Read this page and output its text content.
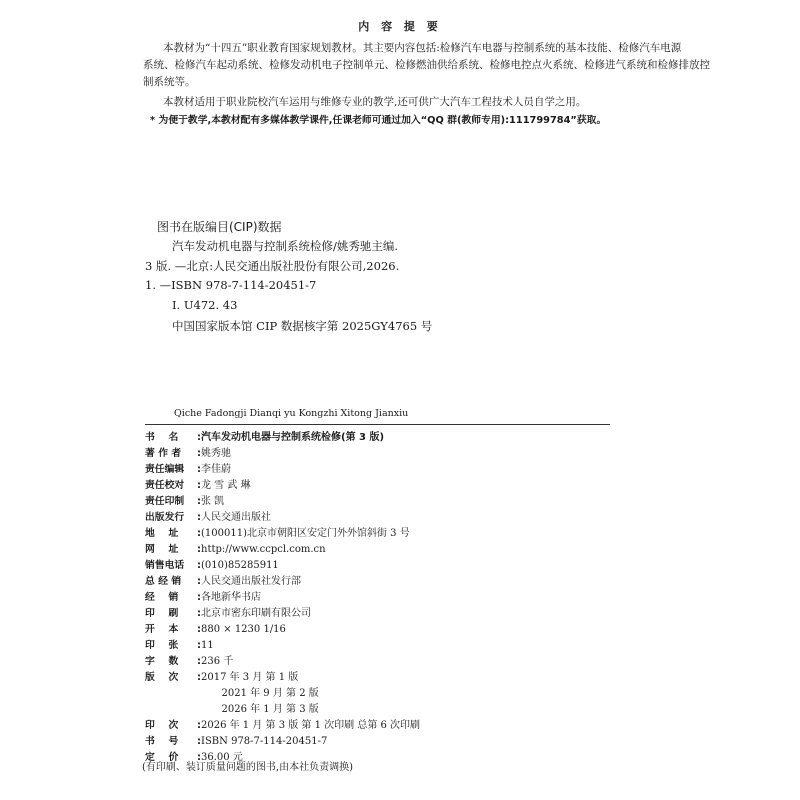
内 容 提 要
本教材为“十四五”职业教育国家规划教材。其主要内容包括:检修汽车电器与控制系统的基本技能、检修汽车电源
系统、检修汽车起动系统、检修发动机电子控制单元、检修燃油供给系统、检修电控点火系统、检修进气系统和检修排放控
制系统等。
本教材适用于职业院校汽车运用与维修专业的教学,还可供广大汽车工程技术人员自学之用。
* 为便于教学,本教材配有多媒体教学课件,任课老师可通过加入“QQ 群(教师专用):111799784”获取。
图书在版编目(CIP)数据
汽车发动机电器与控制系统检修/姚秀驰主编.
3 版. —北京:人民交通出版社股份有限公司,2026.
1. —ISBN 978-7-114-20451-7
Ⅰ. U472. 43
中国国家版本馆 CIP 数据核字第 2025GY4765 号
Qiche Fadongji Dianqi yu Kongzhi Xitong Jianxiu
书    名 :汽车发动机电器与控制系统检修(第 3 版)
著 作 者 :姚秀驰
责任编辑 :李佳蔚
责任校对 :龙 雪 武 琳
责任印制 :张 凯
出版发行 :人民交通出版社
地    址 :(100011)北京市朝阳区安定门外外馆斜街 3 号
网    址 :http://www.ccpcl.com.cn
销售电话 :(010)85285911
总 经 销 :人民交通出版社发行部
经    销 :各地新华书店
印    刷 :北京市密东印刷有限公司
开    本 :880 × 1230 1/16
印    张 :11
字    数 :236 千
版    次 :2017 年 3 月 第 1 版
2021 年 9 月 第 2 版
2026 年 1 月 第 3 版
印    次 :2026 年 1 月 第 3 版 第 1 次印刷 总第 6 次印刷
书    号 :ISBN 978-7-114-20451-7
定    价 :36.00 元
(有印刷、装订质量问题的图书,由本社负责调换)
